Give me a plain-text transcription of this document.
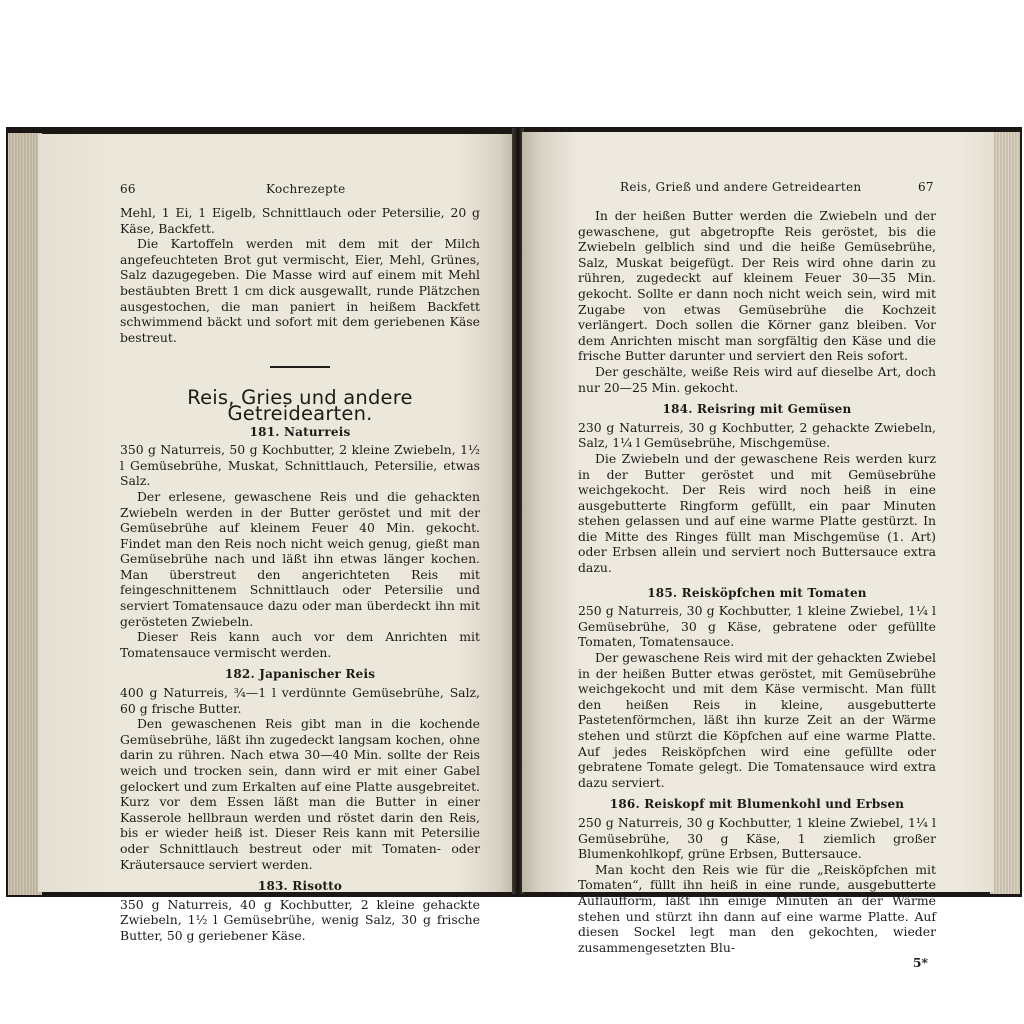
66	Kochrezepte

Mehl, 1 Ei, 1 Eigelb, Schnittlauch oder Petersilie, 20 g Käse, Backfett.

Die Kartoffeln werden mit dem mit der Milch angefeuchteten Brot gut vermischt, Eier, Mehl, Grünes, Salz dazugegeben. Die Masse wird auf einem mit Mehl bestäubten Brett 1 cm dick ausgewallt, runde Plätzchen ausgestochen, die man paniert in heißem Backfett schwimmend bäckt und sofort mit dem geriebenen Käse bestreut.

Reis, Gries und andere Getreidearten.

181. Naturreis

350 g Naturreis, 50 g Kochbutter, 2 kleine Zwiebeln, 1½ l Gemüsebrühe, Muskat, Schnittlauch, Petersilie, etwas Salz.

Der erlesene, gewaschene Reis und die gehackten Zwiebeln werden in der Butter geröstet und mit der Gemüsebrühe auf kleinem Feuer 40 Min. gekocht. Findet man den Reis noch nicht weich genug, gießt man Gemüsebrühe nach und läßt ihn etwas länger kochen. Man überstreut den angerichteten Reis mit feingeschnittenem Schnittlauch oder Petersilie und serviert Tomatensauce dazu oder man überdeckt ihn mit gerösteten Zwiebeln.

Dieser Reis kann auch vor dem Anrichten mit Tomatensauce vermischt werden.

182. Japanischer Reis

400 g Naturreis, ¾—1 l verdünnte Gemüsebrühe, Salz, 60 g frische Butter.

Den gewaschenen Reis gibt man in die kochende Gemüsebrühe, läßt ihn zugedeckt langsam kochen, ohne darin zu rühren. Nach etwa 30—40 Min. sollte der Reis weich und trocken sein, dann wird er mit einer Gabel gelockert und zum Erkalten auf eine Platte ausgebreitet. Kurz vor dem Essen läßt man die Butter in einer Kasserole hellbraun werden und röstet darin den Reis, bis er wieder heiß ist. Dieser Reis kann mit Petersilie oder Schnittlauch bestreut oder mit Tomaten- oder Kräutersauce serviert werden.

183. Risotto

350 g Naturreis, 40 g Kochbutter, 2 kleine gehackte Zwiebeln, 1½ l Gemüsebrühe, wenig Salz, 30 g frische Butter, 50 g geriebener Käse.

Reis, Grieß und andere Getreidearten	67

In der heißen Butter werden die Zwiebeln und der gewaschene, gut abgetropfte Reis geröstet, bis die Zwiebeln gelblich sind und die heiße Gemüsebrühe, Salz, Muskat beigefügt. Der Reis wird ohne darin zu rühren, zugedeckt auf kleinem Feuer 30—35 Min. gekocht. Sollte er dann noch nicht weich sein, wird mit Zugabe von etwas Gemüsebrühe die Kochzeit verlängert. Doch sollen die Körner ganz bleiben. Vor dem Anrichten mischt man sorgfältig den Käse und die frische Butter darunter und serviert den Reis sofort.

Der geschälte, weiße Reis wird auf dieselbe Art, doch nur 20—25 Min. gekocht.

184. Reisring mit Gemüsen

230 g Naturreis, 30 g Kochbutter, 2 gehackte Zwiebeln, Salz, 1¼ l Gemüsebrühe, Mischgemüse.

Die Zwiebeln und der gewaschene Reis werden kurz in der Butter geröstet und mit Gemüsebrühe weichgekocht. Der Reis wird noch heiß in eine ausgebutterte Ringform gefüllt, ein paar Minuten stehen gelassen und auf eine warme Platte gestürzt. In die Mitte des Ringes füllt man Mischgemüse (1. Art) oder Erbsen allein und serviert noch Buttersauce extra dazu.

185. Reisköpfchen mit Tomaten

250 g Naturreis, 30 g Kochbutter, 1 kleine Zwiebel, 1¼ l Gemüsebrühe, 30 g Käse, gebratene oder gefüllte Tomaten, Tomatensauce.

Der gewaschene Reis wird mit der gehackten Zwiebel in der heißen Butter etwas geröstet, mit Gemüsebrühe weichgekocht und mit dem Käse vermischt. Man füllt den heißen Reis in kleine, ausgebutterte Pastetenförmchen, läßt ihn kurze Zeit an der Wärme stehen und stürzt die Köpfchen auf eine warme Platte. Auf jedes Reisköpfchen wird eine gefüllte oder gebratene Tomate gelegt. Die Tomatensauce wird extra dazu serviert.

186. Reiskopf mit Blumenkohl und Erbsen

250 g Naturreis, 30 g Kochbutter, 1 kleine Zwiebel, 1¼ l Gemüsebrühe, 30 g Käse, 1 ziemlich großer Blumenkohlkopf, grüne Erbsen, Buttersauce.

Man kocht den Reis wie für die „Reisköpfchen mit Tomaten“, füllt ihn heiß in eine runde, ausgebutterte Auflaufform, läßt ihn einige Minuten an der Wärme stehen und stürzt ihn dann auf eine warme Platte. Auf diesen Sockel legt man den gekochten, wieder zusammengesetzten Blu-

5*
